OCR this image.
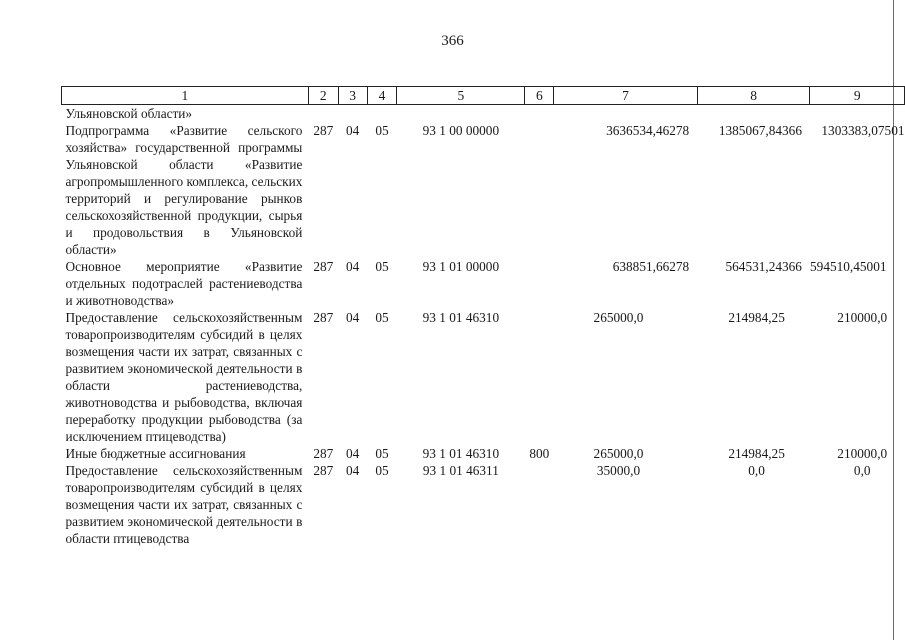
366
1	2	3	4	5	6	7	8	9
Ульяновской области»								
Подпрограмма «Развитие сельского хозяйства» государственной программы Ульяновской области «Развитие агропромышленного комплекса, сельских территорий и регулирование рынков сельскохозяйственной продукции, сырья и продовольствия в Ульяновской области»	287	04	05	93 1 00 00000		3636534,46278	1385067,84366	1303383,07501
Основное мероприятие «Развитие отдельных подотраслей растениеводства и животноводства»	287	04	05	93 1 01 00000		638851,66278	564531,24366	594510,45001
Предоставление сельскохозяйственным товаропроизводителям субсидий в целях возмещения части их затрат, связанных с развитием экономической деятельности в области растениеводства, животноводства и рыбоводства, включая переработку продукции рыбоводства (за исключением птицеводства)	287	04	05	93 1 01 46310		265000,0	214984,25	210000,0
Иные бюджетные ассигнования	287	04	05	93 1 01 46310	800	265000,0	214984,25	210000,0
Предоставление сельскохозяйственным товаропроизводителям субсидий в целях возмещения части их затрат, связанных с развитием экономической деятельности в области птицеводства	287	04	05	93 1 01 46311		35000,0	0,0	0,0
